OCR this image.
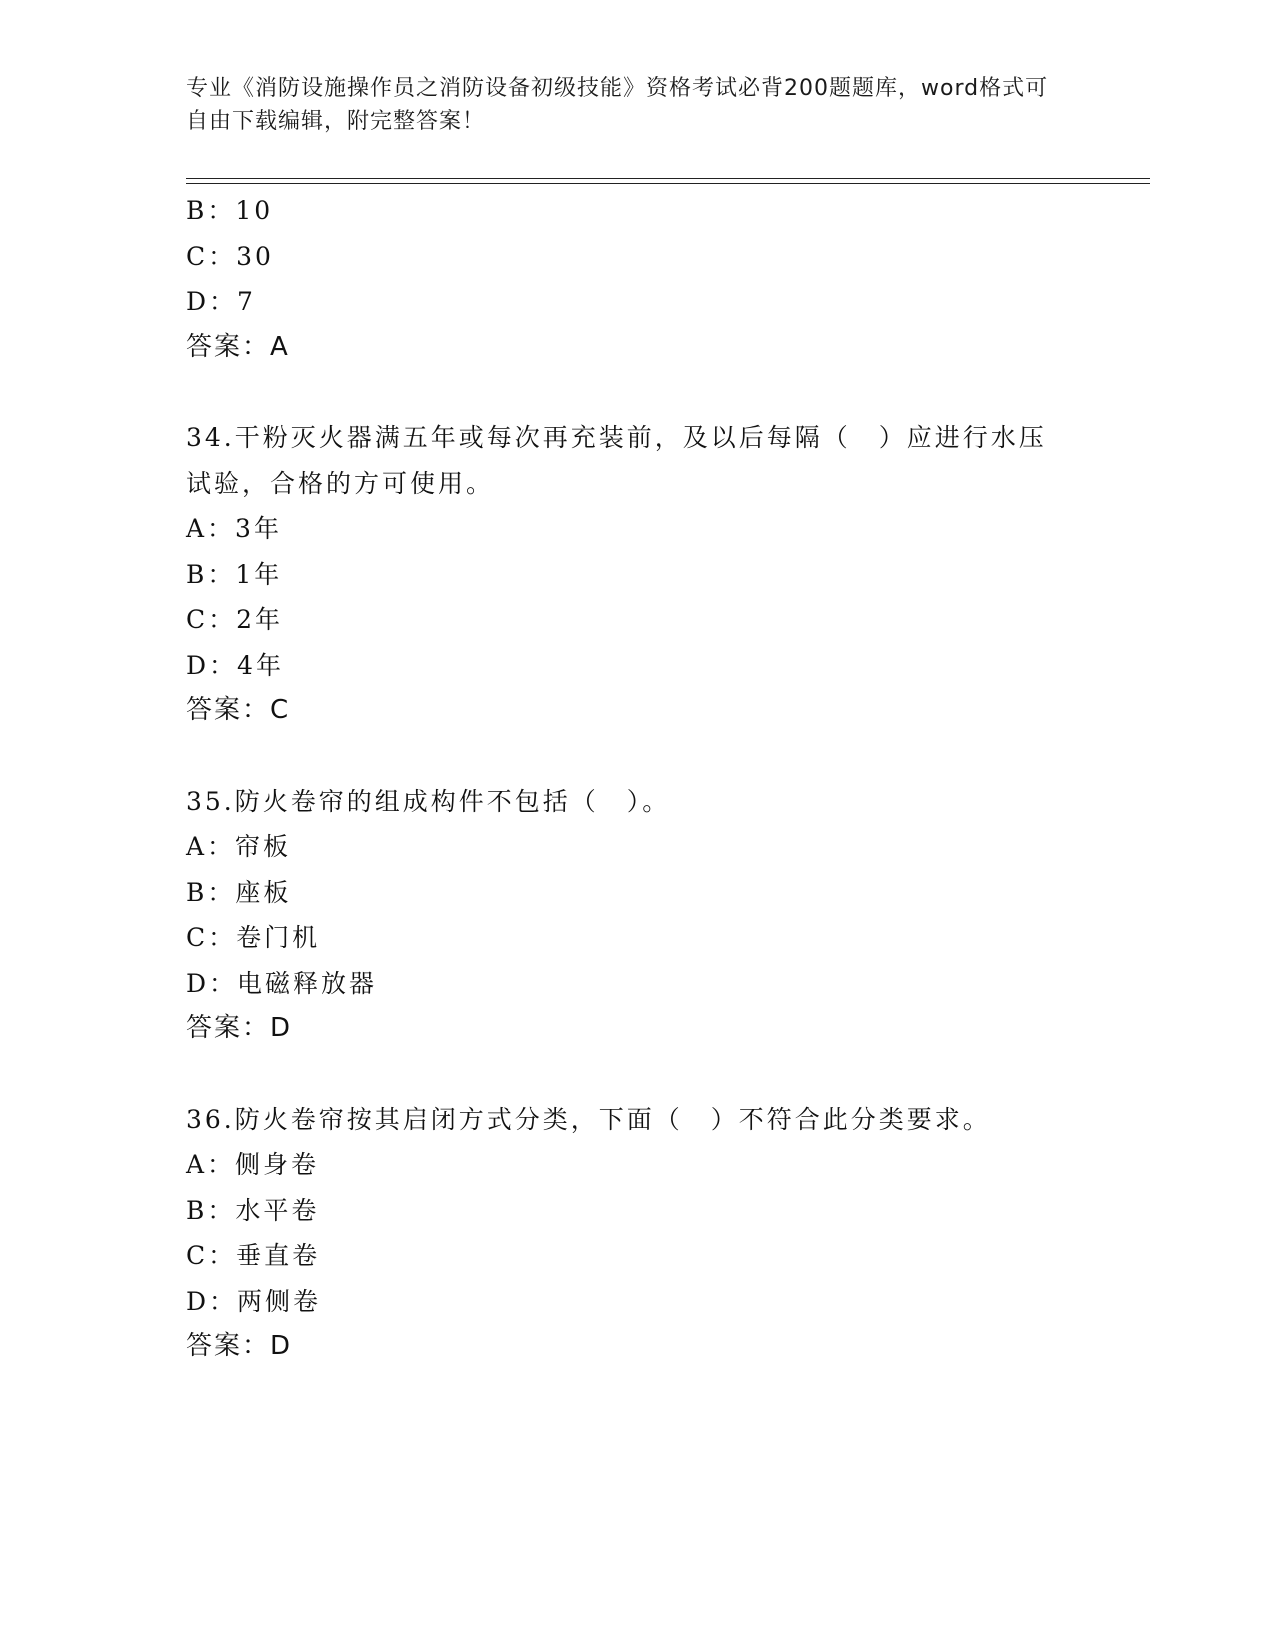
专业《消防设施操作员之消防设备初级技能》资格考试必背200题题库，word格式可自由下载编辑，附完整答案！
B：10
C：30
D：7
答案：A
34.干粉灭火器满五年或每次再充装前，及以后每隔（　）应进行水压
试验，合格的方可使用。
A：3年
B：1年
C：2年
D：4年
答案：C
35.防火卷帘的组成构件不包括（　）。
A：帘板
B：座板
C：卷门机
D：电磁释放器
答案：D
36.防火卷帘按其启闭方式分类，下面（　）不符合此分类要求。
A：侧身卷
B：水平卷
C：垂直卷
D：两侧卷
答案：D
